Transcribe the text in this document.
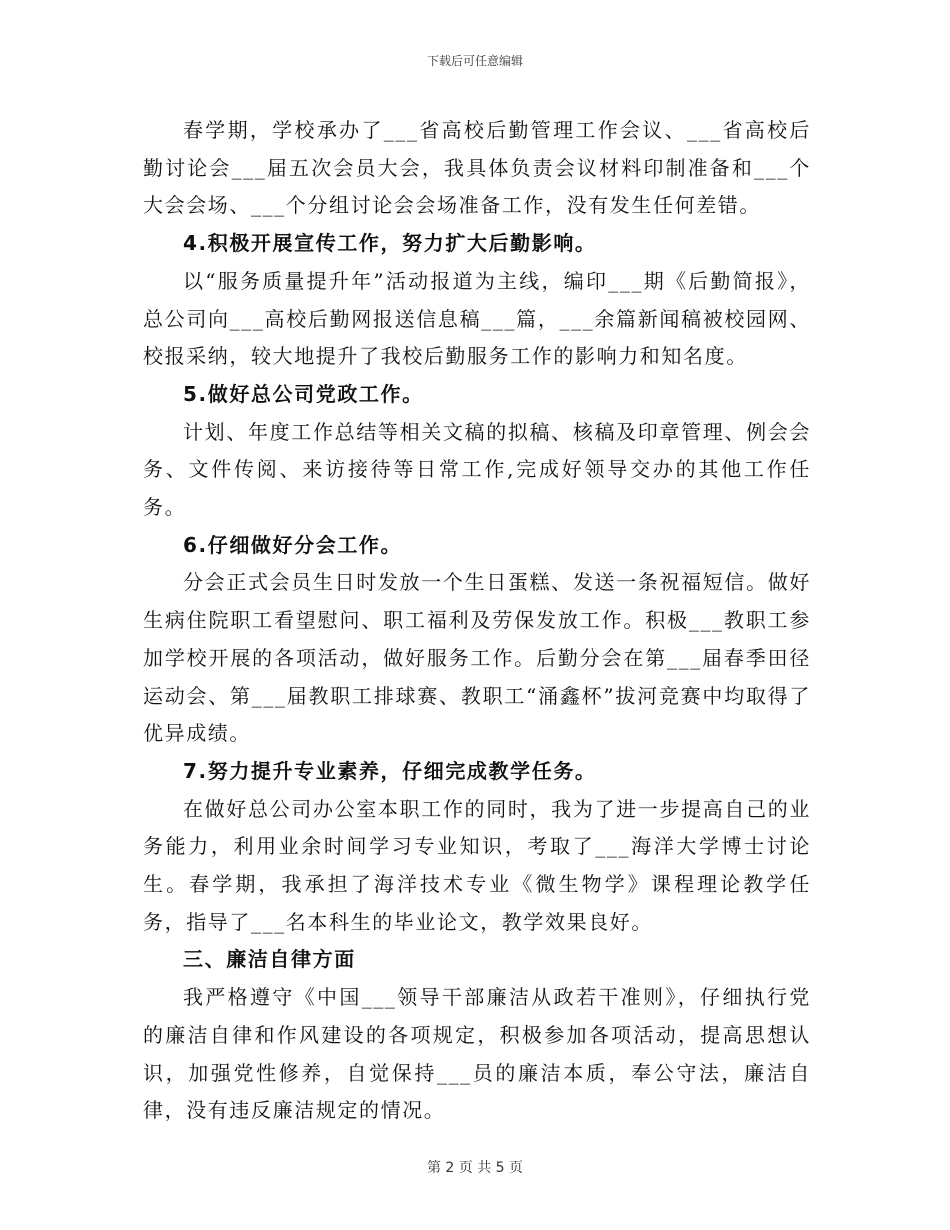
下载后可任意编辑

春学期，学校承办了___省高校后勤管理工作会议、___省高校后勤讨论会___届五次会员大会，我具体负责会议材料印制准备和___个大会会场、___个分组讨论会会场准备工作，没有发生任何差错。

4.积极开展宣传工作，努力扩大后勤影响。

以“服务质量提升年”活动报道为主线，编印___期《后勤简报》，总公司向___高校后勤网报送信息稿___篇，___余篇新闻稿被校园网、校报采纳，较大地提升了我校后勤服务工作的影响力和知名度。

5.做好总公司党政工作。

计划、年度工作总结等相关文稿的拟稿、核稿及印章管理、例会会务、文件传阅、来访接待等日常工作,完成好领导交办的其他工作任务。

6.仔细做好分会工作。

分会正式会员生日时发放一个生日蛋糕、发送一条祝福短信。做好生病住院职工看望慰问、职工福利及劳保发放工作。积极___教职工参加学校开展的各项活动，做好服务工作。后勤分会在第___届春季田径运动会、第___届教职工排球赛、教职工“涌鑫杯”拔河竞赛中均取得了优异成绩。

7.努力提升专业素养，仔细完成教学任务。

在做好总公司办公室本职工作的同时，我为了进一步提高自己的业务能力，利用业余时间学习专业知识，考取了___海洋大学博士讨论生。春学期，我承担了海洋技术专业《微生物学》课程理论教学任务，指导了___名本科生的毕业论文，教学效果良好。

三、廉洁自律方面

我严格遵守《中国___领导干部廉洁从政若干准则》，仔细执行党的廉洁自律和作风建设的各项规定，积极参加各项活动，提高思想认识，加强党性修养，自觉保持___员的廉洁本质，奉公守法，廉洁自律，没有违反廉洁规定的情况。

第 2 页 共 5 页
